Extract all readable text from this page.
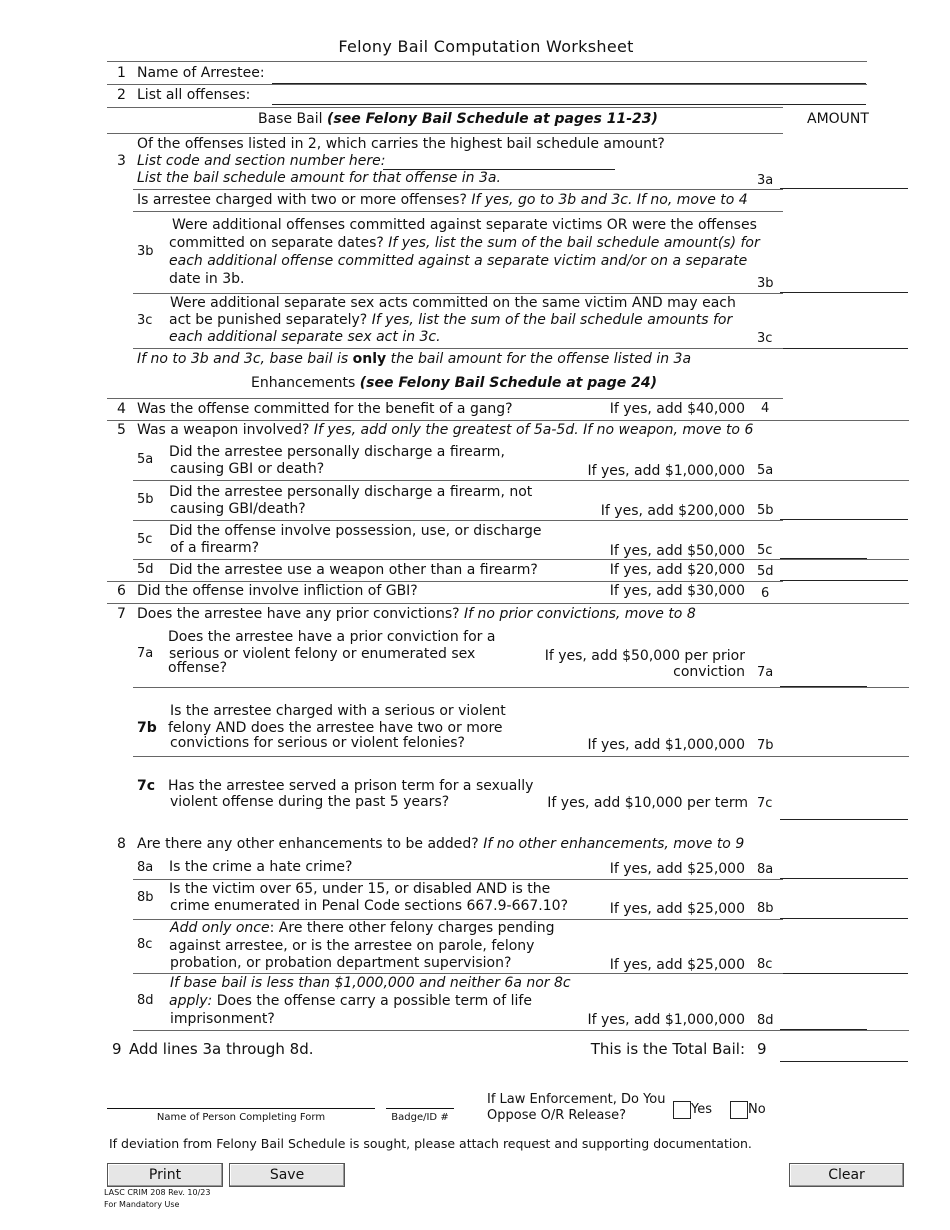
Felony Bail Computation Worksheet
1 Name of Arrestee:
2 List all offenses:
Base Bail (see Felony Bail Schedule at pages 11-23)	AMOUNT
3
Of the offenses listed in 2, which carries the highest bail schedule amount?
List code and section number here:
List the bail schedule amount for that offense in 3a.	3a
Is arrestee charged with two or more offenses? If yes, go to 3b and 3c. If no, move to 4
3b
Were additional offenses committed against separate victims OR were the offenses
committed on separate dates? If yes, list the sum of the bail schedule amount(s) for
each additional offense committed against a separate victim and/or on a separate
date in 3b.	3b
3c
Were additional separate sex acts committed on the same victim AND may each
act be punished separately? If yes, list the sum of the bail schedule amounts for
each additional separate sex act in 3c.	3c
If no to 3b and 3c, base bail is only the bail amount for the offense listed in 3a
Enhancements (see Felony Bail Schedule at page 24)
4 Was the offense committed for the benefit of a gang?	If yes, add $40,000 4
5 Was a weapon involved? If yes, add only the greatest of 5a-5d. If no weapon, move to 6
5a Did the arrestee personally discharge a firearm,
causing GBI or death?	If yes, add $1,000,000 5a
5b Did the arrestee personally discharge a firearm, not
causing GBI/death?	If yes, add $200,000 5b
5c
Did the offense involve possession, use, or discharge
of a firearm?	If yes, add $50,000 5c
5d Did the arrestee use a weapon other than a firearm?	If yes, add $20,000 5d
6 Did the offense involve infliction of GBI?	If yes, add $30,000 6
7 Does the arrestee have any prior convictions? If no prior convictions, move to 8
7a
Does the arrestee have a prior conviction for a
serious or violent felony or enumerated sex
offense?
If yes, add $50,000 per prior
conviction 7a
7b
Is the arrestee charged with a serious or violent
felony AND does the arrestee have two or more
convictions for serious or violent felonies?	If yes, add $1,000,000 7b
7c Has the arrestee served a prison term for a sexually
violent offense during the past 5 years?	If yes, add $10,000 per term 7c
8 Are there any other enhancements to be added? If no other enhancements, move to 9
8a Is the crime a hate crime?	If yes, add $25,000 8a
8b
Is the victim over 65, under 15, or disabled AND is the
crime enumerated in Penal Code sections 667.9-667.10?	If yes, add $25,000 8b
8c
Add only once: Are there other felony charges pending
against arrestee, or is the arrestee on parole, felony
probation, or probation department supervision?	If yes, add $25,000 8c
8d
If base bail is less than $1,000,000 and neither 6a nor 8c
apply: Does the offense carry a possible term of life
imprisonment?	If yes, add $1,000,000 8d
9 Add lines 3a through 8d.	This is the Total Bail: 9
Name of Person Completing Form	Badge/ID #
If Law Enforcement, Do You
Oppose O/R Release?	Yes	No
If deviation from Felony Bail Schedule is sought, please attach request and supporting documentation.
Print	Save	Clear
LASC CRIM 208 Rev. 10/23
For Mandatory Use
